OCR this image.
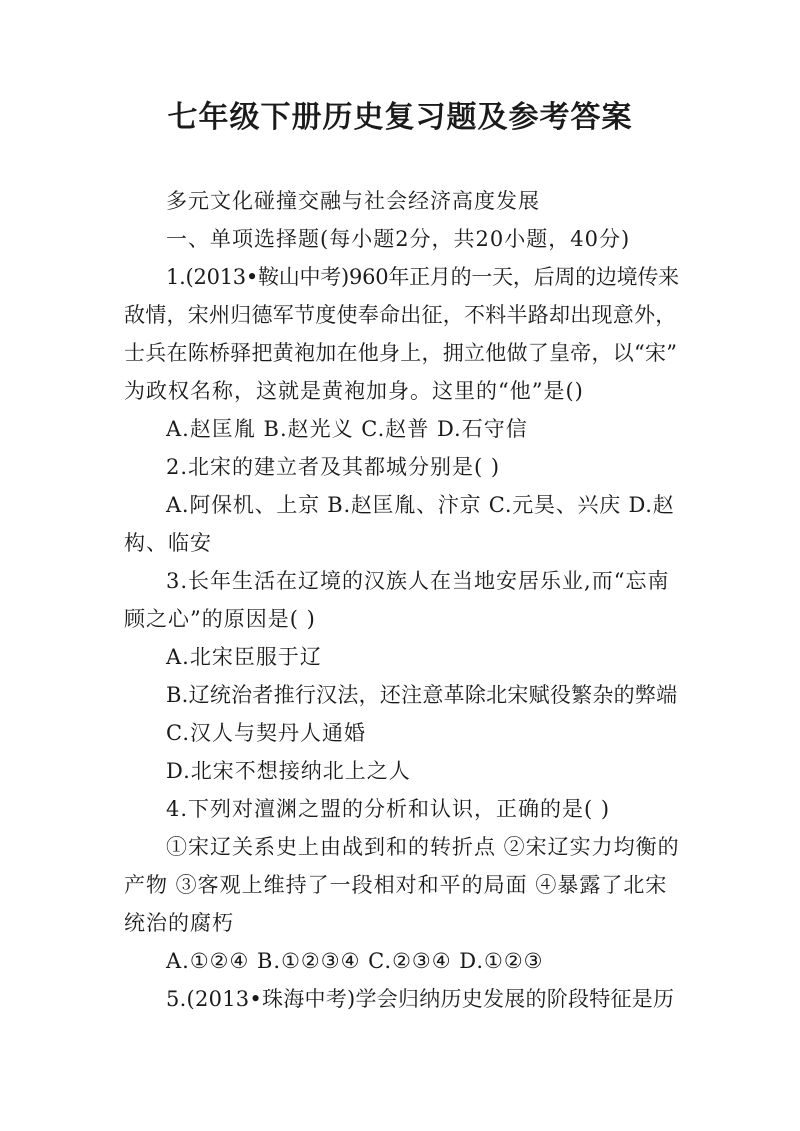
七年级下册历史复习题及参考答案

多元文化碰撞交融与社会经济高度发展

一、单项选择题(每小题2分，共20小题，40分)

1.(2013•鞍山中考)960年正月的一天，后周的边境传来

敌情，宋州归德军节度使奉命出征，不料半路却出现意外，

士兵在陈桥驿把黄袍加在他身上，拥立他做了皇帝，以“宋”

为政权名称，这就是黄袍加身。这里的“他”是()

A.赵匡胤 B.赵光义 C.赵普 D.石守信

2.北宋的建立者及其都城分别是( )

A.阿保机、上京 B.赵匡胤、汴京 C.元昊、兴庆 D.赵

构、临安

3.长年生活在辽境的汉族人在当地安居乐业,而“忘南

顾之心”的原因是( )

A.北宋臣服于辽

B.辽统治者推行汉法，还注意革除北宋赋役繁杂的弊端

C.汉人与契丹人通婚

D.北宋不想接纳北上之人

4.下列对澶渊之盟的分析和认识，正确的是( )

①宋辽关系史上由战到和的转折点 ②宋辽实力均衡的

产物 ③客观上维持了一段相对和平的局面 ④暴露了北宋

统治的腐朽

A.①②④ B.①②③④ C.②③④ D.①②③

5.(2013•珠海中考)学会归纳历史发展的阶段特征是历
